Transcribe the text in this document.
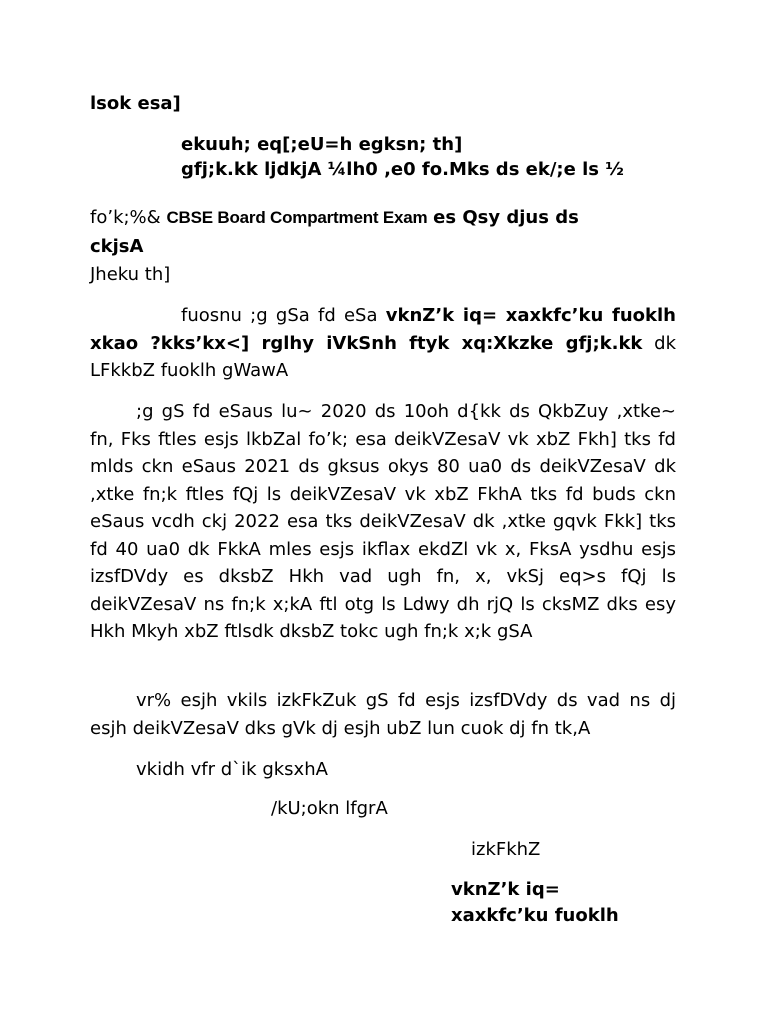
lsok esa]
ekuuh; eq[;eU=h egksn; th]
gfj;k.kk ljdkjA ¼lh0 ,e0 fo.Mks ds ek/;e ls ½
fo’k;%& CBSE Board Compartment Exam es Qsy djus ds
ckjsA
Jheku th]
fuosnu ;g gSa fd eSa vknZ’k iq= xaxkfc’ku fuoklh xkao ?kks’kx<] rglhy iVkSnh ftyk xq:Xkzke gfj;k.kk dk LFkkbZ fuoklh gWawA
;g gS fd eSaus lu~ 2020 ds 10oh d{kk ds QkbZuy ,xtke~ fn, Fks ftles esjs lkbZal fo’k; esa deikVZesaV vk xbZ Fkh] tks fd mlds ckn eSaus 2021 ds gksus okys 80 ua0 ds deikVZesaV dk ,xtke fn;k ftles fQj ls deikVZesaV vk xbZ FkhA tks fd buds ckn eSaus vcdh ckj 2022 esa tks deikVZesaV dk ,xtke gqvk Fkk] tks fd 40 ua0 dk FkkA mles esjs ikflax ekdZl vk x, FksA ysdhu esjs izsfDVdy es dksbZ Hkh vad ugh fn, x, vkSj eq>s fQj ls deikVZesaV ns fn;k x;kA ftl otg ls Ldwy dh rjQ ls cksMZ dks esy Hkh Mkyh xbZ ftlsdk dksbZ tokc ugh fn;k x;k gSA
vr% esjh vkils izkFkZuk gS fd esjs izsfDVdy ds vad ns dj esjh deikVZesaV dks gVk dj esjh ubZ lun cuok dj fn tk,A
vkidh vfr d`ik gksxhA
/kU;okn lfgrA
izkFkhZ
vknZ’k iq=
xaxkfc’ku fuoklh
